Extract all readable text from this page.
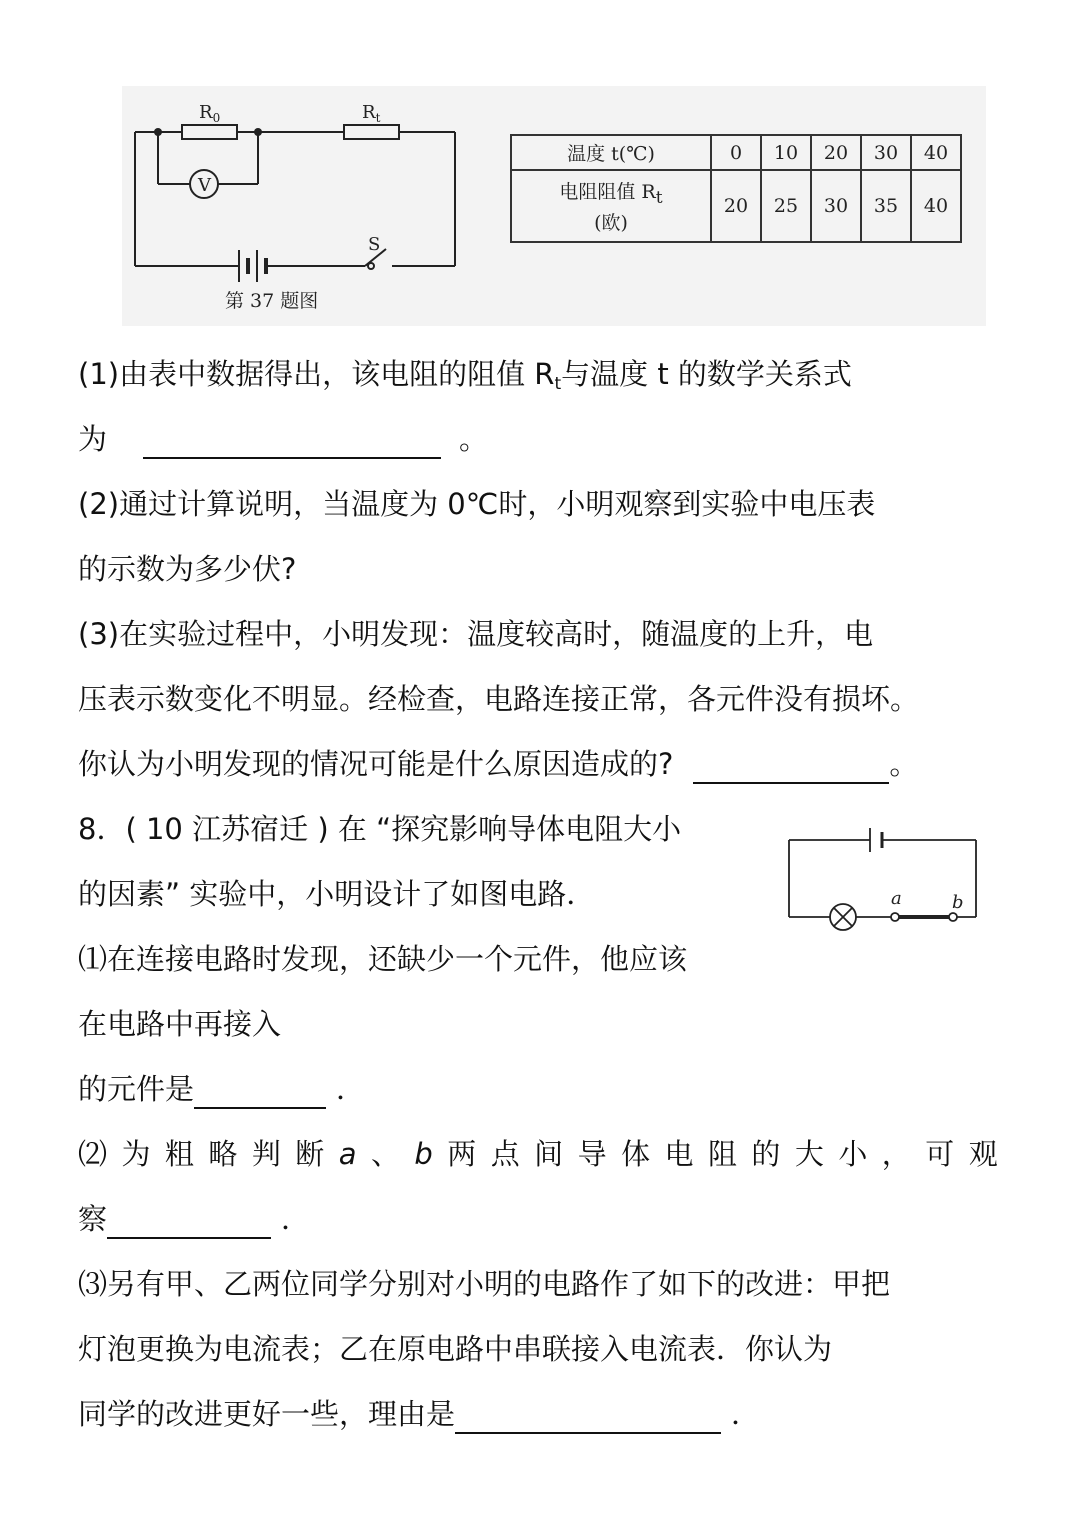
$R_0$	$R_t$
V
S
第 37 题图
温度 t(℃)	0	10	20	30	40

电阻阻值 $R_t$
(欧)	20	25	30	35	40
(1)由表中数据得出，该电阻的阻值 $R_t$与温度 t 的数学关系式
为	。
(2)通过计算说明，当温度为 0℃时，小明观察到实验中电压表
的示数为多少伏?
(3)在实验过程中，小明发现：温度较高时，随温度的上升，电
压表示数变化不明显。经检查，电路连接正常，各元件没有损坏。
你认为小明发现的情况可能是什么原因造成的?	。
8．( 10 江苏宿迁 ) 在 “探究影响导体电阻大小
的因素” 实验中，小明设计了如图电路．	a	b
⑴在连接电路时发现，还缺少一个元件，他应该
在电路中再接入
的元件是	．
⑵ 为 粗 略 判 断 a 、 b 两 点 间 导 体 电 阻 的 大 小 ， 可 观
察	．
⑶另有甲、乙两位同学分别对小明的电路作了如下的改进：甲把
灯泡更换为电流表；乙在原电路中串联接入电流表．你认为
同学的改进更好一些，理由是	．
